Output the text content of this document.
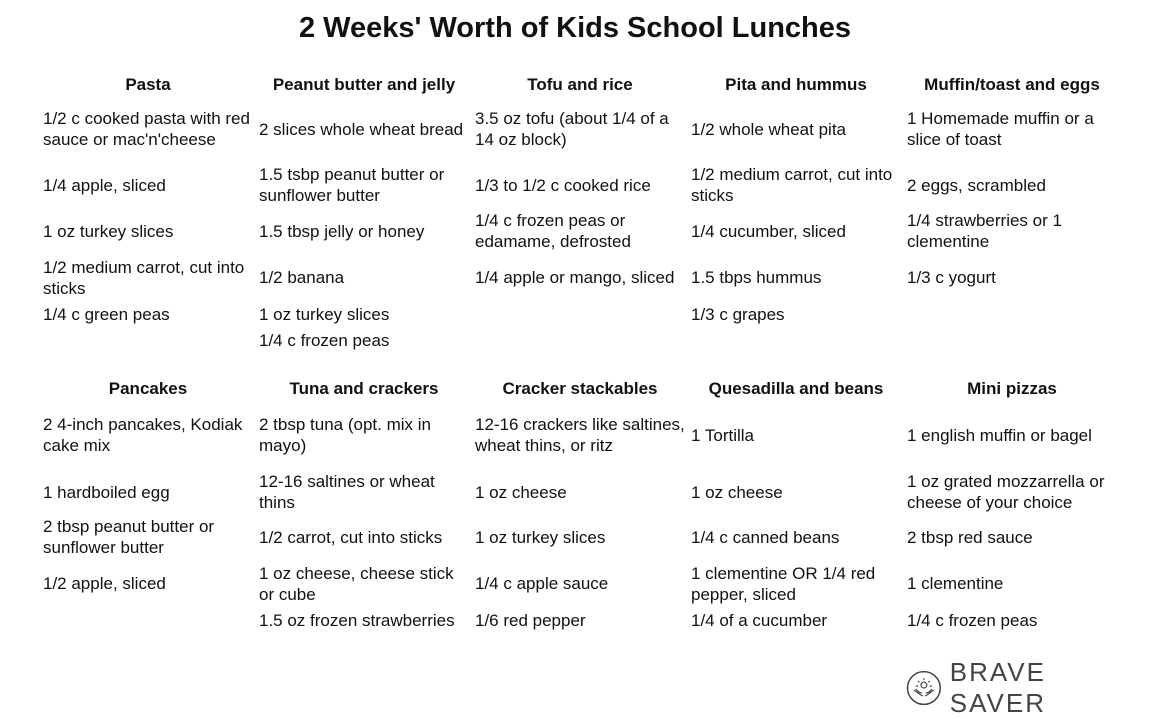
2 Weeks' Worth of Kids School Lunches
Pasta	Peanut butter and jelly	Tofu and rice	Pita and hummus	Muffin/toast and eggs
1/2 c cooked pasta with red sauce or mac'n'cheese	2 slices whole wheat bread	3.5 oz tofu (about 1/4 of a 14 oz block)	1/2 whole wheat pita	1 Homemade muffin or a slice of toast
1/4 apple, sliced	1.5 tsbp peanut butter or sunflower butter	1/3 to 1/2 c cooked rice	1/2 medium carrot, cut into sticks	2 eggs, scrambled
1 oz turkey slices	1.5 tbsp jelly or honey	1/4 c frozen peas or edamame, defrosted	1/4 cucumber, sliced	1/4 strawberries or 1 clementine
1/2 medium carrot, cut into sticks	1/2 banana	1/4 apple or mango, sliced	1.5 tbps hummus	1/3 c yogurt
1/4 c green peas	1 oz turkey slices		1/3 c grapes	
	1/4 c frozen peas			
Pancakes	Tuna and crackers	Cracker stackables	Quesadilla and beans	Mini pizzas
2 4-inch pancakes, Kodiak cake mix	2 tbsp tuna (opt. mix in mayo)	12-16 crackers like saltines, wheat thins, or ritz	1 Tortilla	1 english muffin or bagel
1 hardboiled egg	12-16 saltines or wheat thins	1 oz cheese	1 oz cheese	1 oz grated mozzarrella or cheese of your choice
2 tbsp peanut butter or sunflower butter	1/2 carrot, cut into sticks	1 oz turkey slices	1/4 c canned beans	2 tbsp red sauce
1/2 apple, sliced	1 oz cheese, cheese stick or cube	1/4 c apple sauce	1 clementine OR 1/4 red pepper, sliced	1 clementine
	1.5 oz frozen strawberries	1/6 red pepper	1/4 of a cucumber	1/4 c frozen peas
BRAVE SAVER
